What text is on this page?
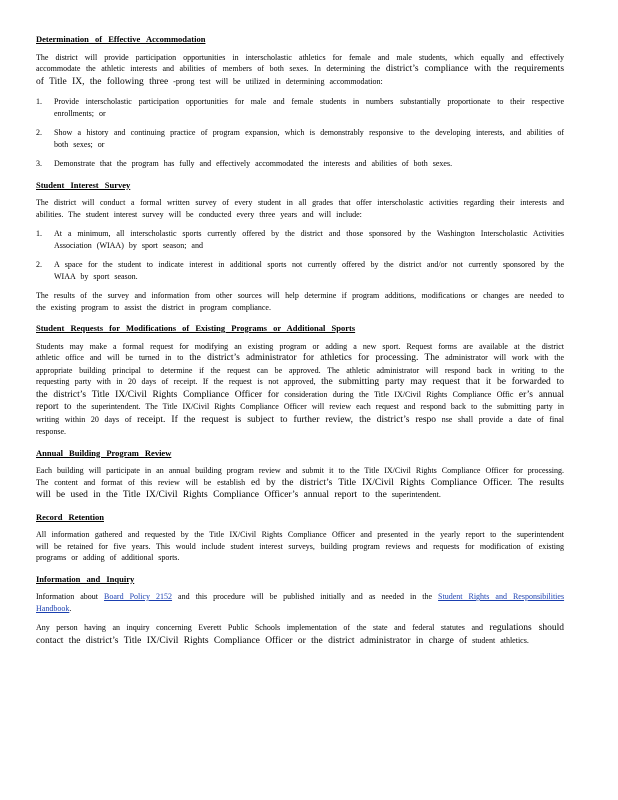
Determination of Effective Accommodation

The district will provide participation opportunities in interscholastic athletics for female and male students, which equally and effectively accommodate the athletic interests and abilities of members of both sexes. In determining the district’s compliance with the requirements of Title IX, the following three -prong test will be utilized in determining accommodation:

1. Provide interscholastic participation opportunities for male and female students in numbers substantially proportionate to their respective enrollments; or
2. Show a history and continuing practice of program expansion, which is demonstrably responsive to the developing interests, and abilities of both sexes; or
3. Demonstrate that the program has fully and effectively accommodated the interests and abilities of both sexes.
Student Interest Survey

The district will conduct a formal written survey of every student in all grades that offer interscholastic activities regarding their interests and abilities. The student interest survey will be conducted every three years and will include:

1. At a minimum, all interscholastic sports currently offered by the district and those sponsored by the Washington Interscholastic Activities Association (WIAA) by sport season; and
2. A space for the student to indicate interest in additional sports not currently offered by the district and/or not currently sponsored by the WIAA by sport season.

The results of the survey and information from other sources will help determine if program additions, modifications or changes are needed to the existing program to assist the district in program compliance.

Student Requests for Modifications of Existing Programs or Additional Sports

Students may make a formal request for modifying an existing program or adding a new sport. Request forms are available at the district athletic office and will be turned in to the district’s administrator for athletics for processing. The administrator will work with the appropriate building principal to determine if the request can be approved. The athletic administrator will respond back in writing to the requesting party with in 20 days of receipt. If the request is not approved, the submitting party may request that it be forwarded to the district’s Title IX/Civil Rights Compliance Officer for consideration during the Title IX/Civil Rights Compliance Offic er’s annual report to the superintendent. The Title IX/Civil Rights Compliance Officer will review each request and respond back to the submitting party in writing within 20 days of receipt. If the request is subject to further review, the district’s respo nse shall provide a date of final response.

Annual Building Program Review

Each building will participate in an annual building program review and submit it to the Title IX/Civil Rights Compliance Officer for processing. The content and format of this review will be establish ed by the district’s Title IX/Civil Rights Compliance Officer. The results will be used in the Title IX/Civil Rights Compliance Officer’s annual report to the superintendent.

Record Retention

All information gathered and requested by the Title IX/Civil Rights Compliance Officer and presented in the yearly report to the superintendent will be retained for five years. This would include student interest surveys, building program reviews and requests for modification of existing programs or adding of additional sports.

Information and Inquiry

Information about Board Policy 2152 and this procedure will be published initially and as needed in the Student Rights and Responsibilities Handbook.

Any person having an inquiry concerning Everett Public Schools implementation of the state and federal statutes and regulations should contact the district’s Title IX/Civil Rights Compliance Officer or the district administrator in charge of student athletics.
